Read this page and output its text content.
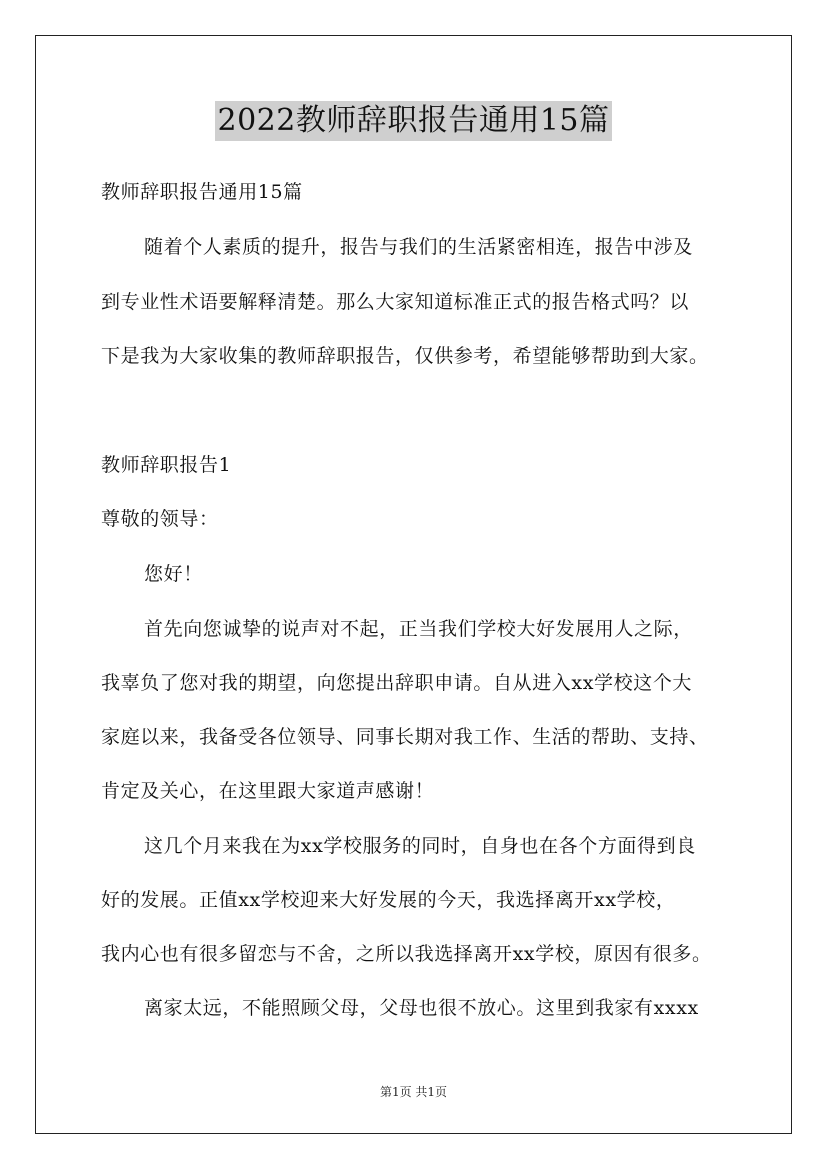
2022教师辞职报告通用15篇
教师辞职报告通用15篇
随着个人素质的提升，报告与我们的生活紧密相连，报告中涉及
到专业性术语要解释清楚。那么大家知道标准正式的报告格式吗？以
下是我为大家收集的教师辞职报告，仅供参考，希望能够帮助到大家。
教师辞职报告1
尊敬的领导：
您好！
首先向您诚挚的说声对不起，正当我们学校大好发展用人之际，
我辜负了您对我的期望，向您提出辞职申请。自从进入xx学校这个大
家庭以来，我备受各位领导、同事长期对我工作、生活的帮助、支持、
肯定及关心，在这里跟大家道声感谢！
这几个月来我在为xx学校服务的同时，自身也在各个方面得到良
好的发展。正值xx学校迎来大好发展的今天，我选择离开xx学校，
我内心也有很多留恋与不舍，之所以我选择离开xx学校，原因有很多。
离家太远，不能照顾父母，父母也很不放心。这里到我家有xxxx
第1页 共1页
